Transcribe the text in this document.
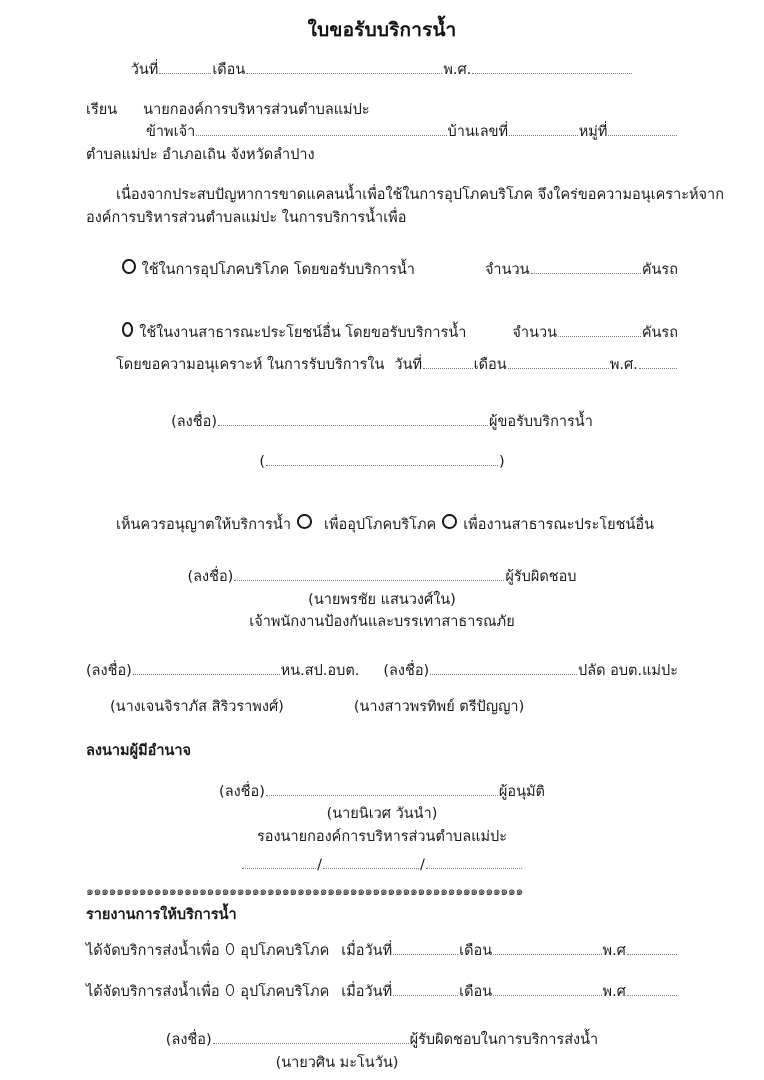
ใบขอรับบริการน้ำ
วันที่	เดือน	พ.ศ.
เรียน นายกองค์การบริหารส่วนตำบลแม่ปะ
ข้าพเจ้า	บ้านเลขที่	หมู่ที่
ตำบลแม่ปะ อำเภอเถิน จังหวัดลำปาง
เนื่องจากประสบปัญหาการขาดแคลนน้ำเพื่อใช้ในการอุปโภคบริโภค จึงใคร่ขอความอนุเคราะห์จาก
องค์การบริหารส่วนตำบลแม่ปะ ในการบริการน้ำเพื่อ
ใช้ในการอุปโภคบริโภค โดยขอรับบริการน้ำ	จำนวน	คันรถ
ใช้ในงานสาธารณะประโยชน์อื่น โดยขอรับบริการน้ำ	จำนวน	คันรถ
โดยขอความอนุเคราะห์ ในการรับบริการใน วันที่	เดือน	พ.ศ.
(ลงชื่อ)	ผู้ขอรับบริการน้ำ
(	)
เห็นควรอนุญาตให้บริการน้ำ เพื่ออุปโภคบริโภค เพื่องานสาธารณะประโยชน์อื่น
(ลงชื่อ)	ผู้รับผิดชอบ
(นายพรชัย แสนวงศ์ใน)
เจ้าพนักงานป้องกันและบรรเทาสาธารณภัย
(ลงชื่อ)	หน.สป.อบต. (ลงชื่อ)	ปลัด อบต.แม่ปะ
(นางเจนจิราภัส สิริวราพงศ์)	(นางสาวพรทิพย์ ตรีปัญญา)
ลงนามผู้มีอำนาจ
(ลงชื่อ)	ผู้อนุมัติ
(นายนิเวศ วันนำ)
รองนายกองค์การบริหารส่วนตำบลแม่ปะ
/	/
๑๑๑๑๑๑๑๑๑๑๑๑๑๑๑๑๑๑๑๑๑๑๑๑๑๑๑๑๑๑๑๑๑๑๑๑๑๑๑๑๑๑๑๑๑๑๑๑๑๑๑๑๑๑๑๑๑๑
รายงานการให้บริการน้ำ
ได้จัดบริการส่งน้ำเพื่อ อุปโภคบริโภค เมื่อวันที่	เดือน	พ.ศ
ได้จัดบริการส่งน้ำเพื่อ อุปโภคบริโภค เมื่อวันที่	เดือน	พ.ศ
(ลงชื่อ)	ผู้รับผิดชอบในการบริการส่งน้ำ
(นายวศิน มะโนวัน)
